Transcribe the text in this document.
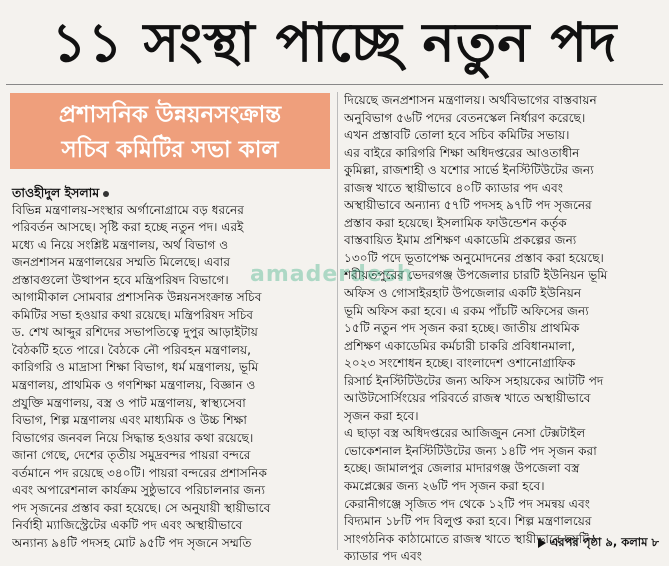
১১ সংস্থা পাচ্ছে নতুন পদ
প্রশাসনিক উন্নয়নসংক্রান্ত
সচিব কমিটির সভা কাল
তাওহীদুল ইসলাম
বিভিন্ন মন্ত্রণালয়-সংস্থার অর্গানোগ্রামে বড় ধরনের
পরিবর্তন আসছে। সৃষ্টি করা হচ্ছে নতুন পদ। এরই
মধ্যে এ নিয়ে সংশ্লিষ্ট মন্ত্রণালয়, অর্থ বিভাগ ও
জনপ্রশাসন মন্ত্রণালয়ের সম্মতি মিলেছে। এবার
প্রস্তাবগুলো উত্থাপন হবে মন্ত্রিপরিষদ বিভাগে।
আগামীকাল সোমবার প্রশাসনিক উন্নয়নসংক্রান্ত সচিব
কমিটির সভা হওয়ার কথা রয়েছে। মন্ত্রিপরিষদ সচিব
ড. শেখ আব্দুর রশিদের সভাপতিত্বে দুপুর আড়াইটায়
বৈঠকটি হতে পারে। বৈঠকে নৌ পরিবহন মন্ত্রণালয়,
কারিগরি ও মাদ্রাসা শিক্ষা বিভাগ, ধর্ম মন্ত্রণালয়, ভূমি
মন্ত্রণালয়, প্রাথমিক ও গণশিক্ষা মন্ত্রণালয়, বিজ্ঞান ও
প্রযুক্তি মন্ত্রণালয়, বস্ত্র ও পাট মন্ত্রণালয়, স্বাস্থ্যসেবা
বিভাগ, শিল্প মন্ত্রণালয় এবং মাধ্যমিক ও উচ্চ শিক্ষা
বিভাগের জনবল নিয়ে সিদ্ধান্ত হওয়ার কথা রয়েছে।
জানা গেছে, দেশের তৃতীয় সমুদ্রবন্দর পায়রা বন্দরে
বর্তমানে পদ রয়েছে ৩৪০টি। পায়রা বন্দরের প্রশাসনিক
এবং অপারেশনাল কার্যক্রম সুষ্ঠুভাবে পরিচালনার জন্য
পদ সৃজনের প্রস্তাব করা হয়েছে। সে অনুযায়ী স্থায়ীভাবে
নির্বাহী ম্যাজিস্ট্রেটের একটি পদ এবং অস্থায়ীভাবে
অন্যান্য ৯৪টি পদসহ মোট ৯৫টি পদ সৃজনে সম্মতি
দিয়েছে জনপ্রশাসন মন্ত্রণালয়। অর্থবিভাগের বাস্তবায়ন
অনুবিভাগ ৫৬টি পদের বেতনস্কেল নির্ধারণ করেছে।
এখন প্রস্তাবটি তোলা হবে সচিব কমিটির সভায়।
এর বাইরে কারিগরি শিক্ষা অধিদপ্তরের আওতাধীন
কুমিল্লা, রাজশাহী ও যশোর সার্ভে ইনস্টিটিউটের জন্য
রাজস্ব খাতে স্থায়ীভাবে ৪০টি ক্যাডার পদ এবং
অস্থায়ীভাবে অন্যান্য ৫৭টি পদসহ ৯৭টি পদ সৃজনের
প্রস্তাব করা হয়েছে। ইসলামিক ফাউন্ডেশন কর্তৃক
বাস্তবায়িত ইমাম প্রশিক্ষণ একাডেমি প্রকল্পের জন্য
১৩০টি পদে ভূতাপেক্ষ অনুমোদনের প্রস্তাব করা হয়েছে।
শরীয়তপুরের ভেদরগঞ্জ উপজেলার চারটি ইউনিয়ন ভূমি
অফিস ও গোসাইরহাট উপজেলার একটি ইউনিয়ন
ভূমি অফিস করা হবে। এ রকম পাঁচটি অফিসের জন্য
১৫টি নতুন পদ সৃজন করা হচ্ছে। জাতীয় প্রাথমিক
প্রশিক্ষণ একাডেমির কর্মচারী চাকরি প্রবিধানমালা,
২০২৩ সংশোধন হচ্ছে। বাংলাদেশ ওশানোগ্রাফিক
রিসার্চ ইনস্টিটিউটের জন্য অফিস সহায়কের আটটি পদ
আউটসোর্সিংয়ের পরিবর্তে রাজস্ব খাতে অস্থায়ীভাবে
সৃজন করা হবে।
এ ছাড়া বস্ত্র অধিদপ্তরের আজিজুন নেসা টেক্সটাইল
ভোকেশনাল ইনস্টিটিউটের জন্য ১৪টি পদ সৃজন করা
হচ্ছে। জামালপুর জেলার মাদারগঞ্জ উপজেলা বস্ত্র
কমপ্লেক্সের জন্য ২৬টি পদ সৃজন করা হবে।
কেরানীগঞ্জে সৃজিত পদ থেকে ১২টি পদ সমন্বয় এবং
বিদ্যমান ১৮টি পদ বিলুপ্ত করা হবে। শিল্প মন্ত্রণালয়ের
সাংগঠনিক কাঠামোতে রাজস্ব খাতে স্থায়ীভাবে ছয়টি
ক্যাডার পদ এবং
amaderdesh
এরপর পৃষ্ঠা ৯, কলাম ৮
